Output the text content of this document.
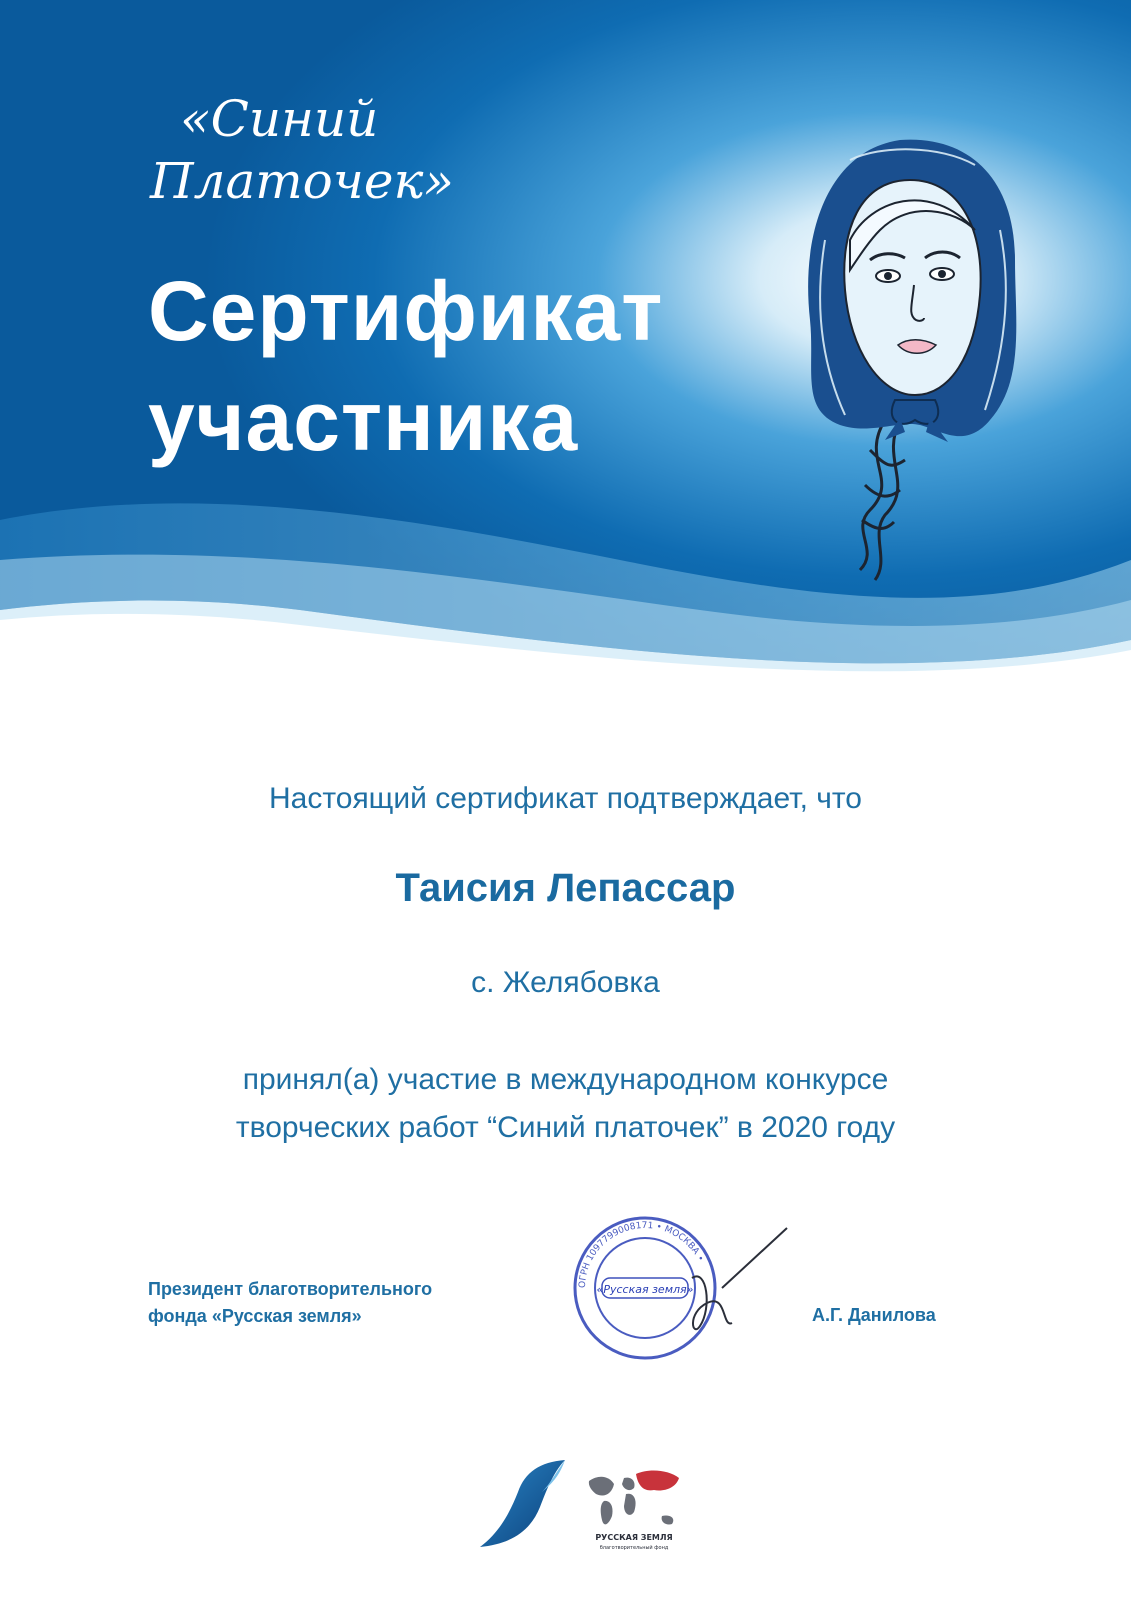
«Синий
Платочек»
Сертификат
участника
Настоящий сертификат подтверждает, что
Таисия Лепассар
с. Желябовка
принял(а) участие в международном конкурсе
творческих работ “Синий платочек” в 2020 году
Президент благотворительного
фонда «Русская земля»
ОГРН 1097799008171 • МОСКВА •
«Русская земля»
А.Г. Данилова
РУССКАЯ ЗЕМЛЯ
благотворительный фонд
